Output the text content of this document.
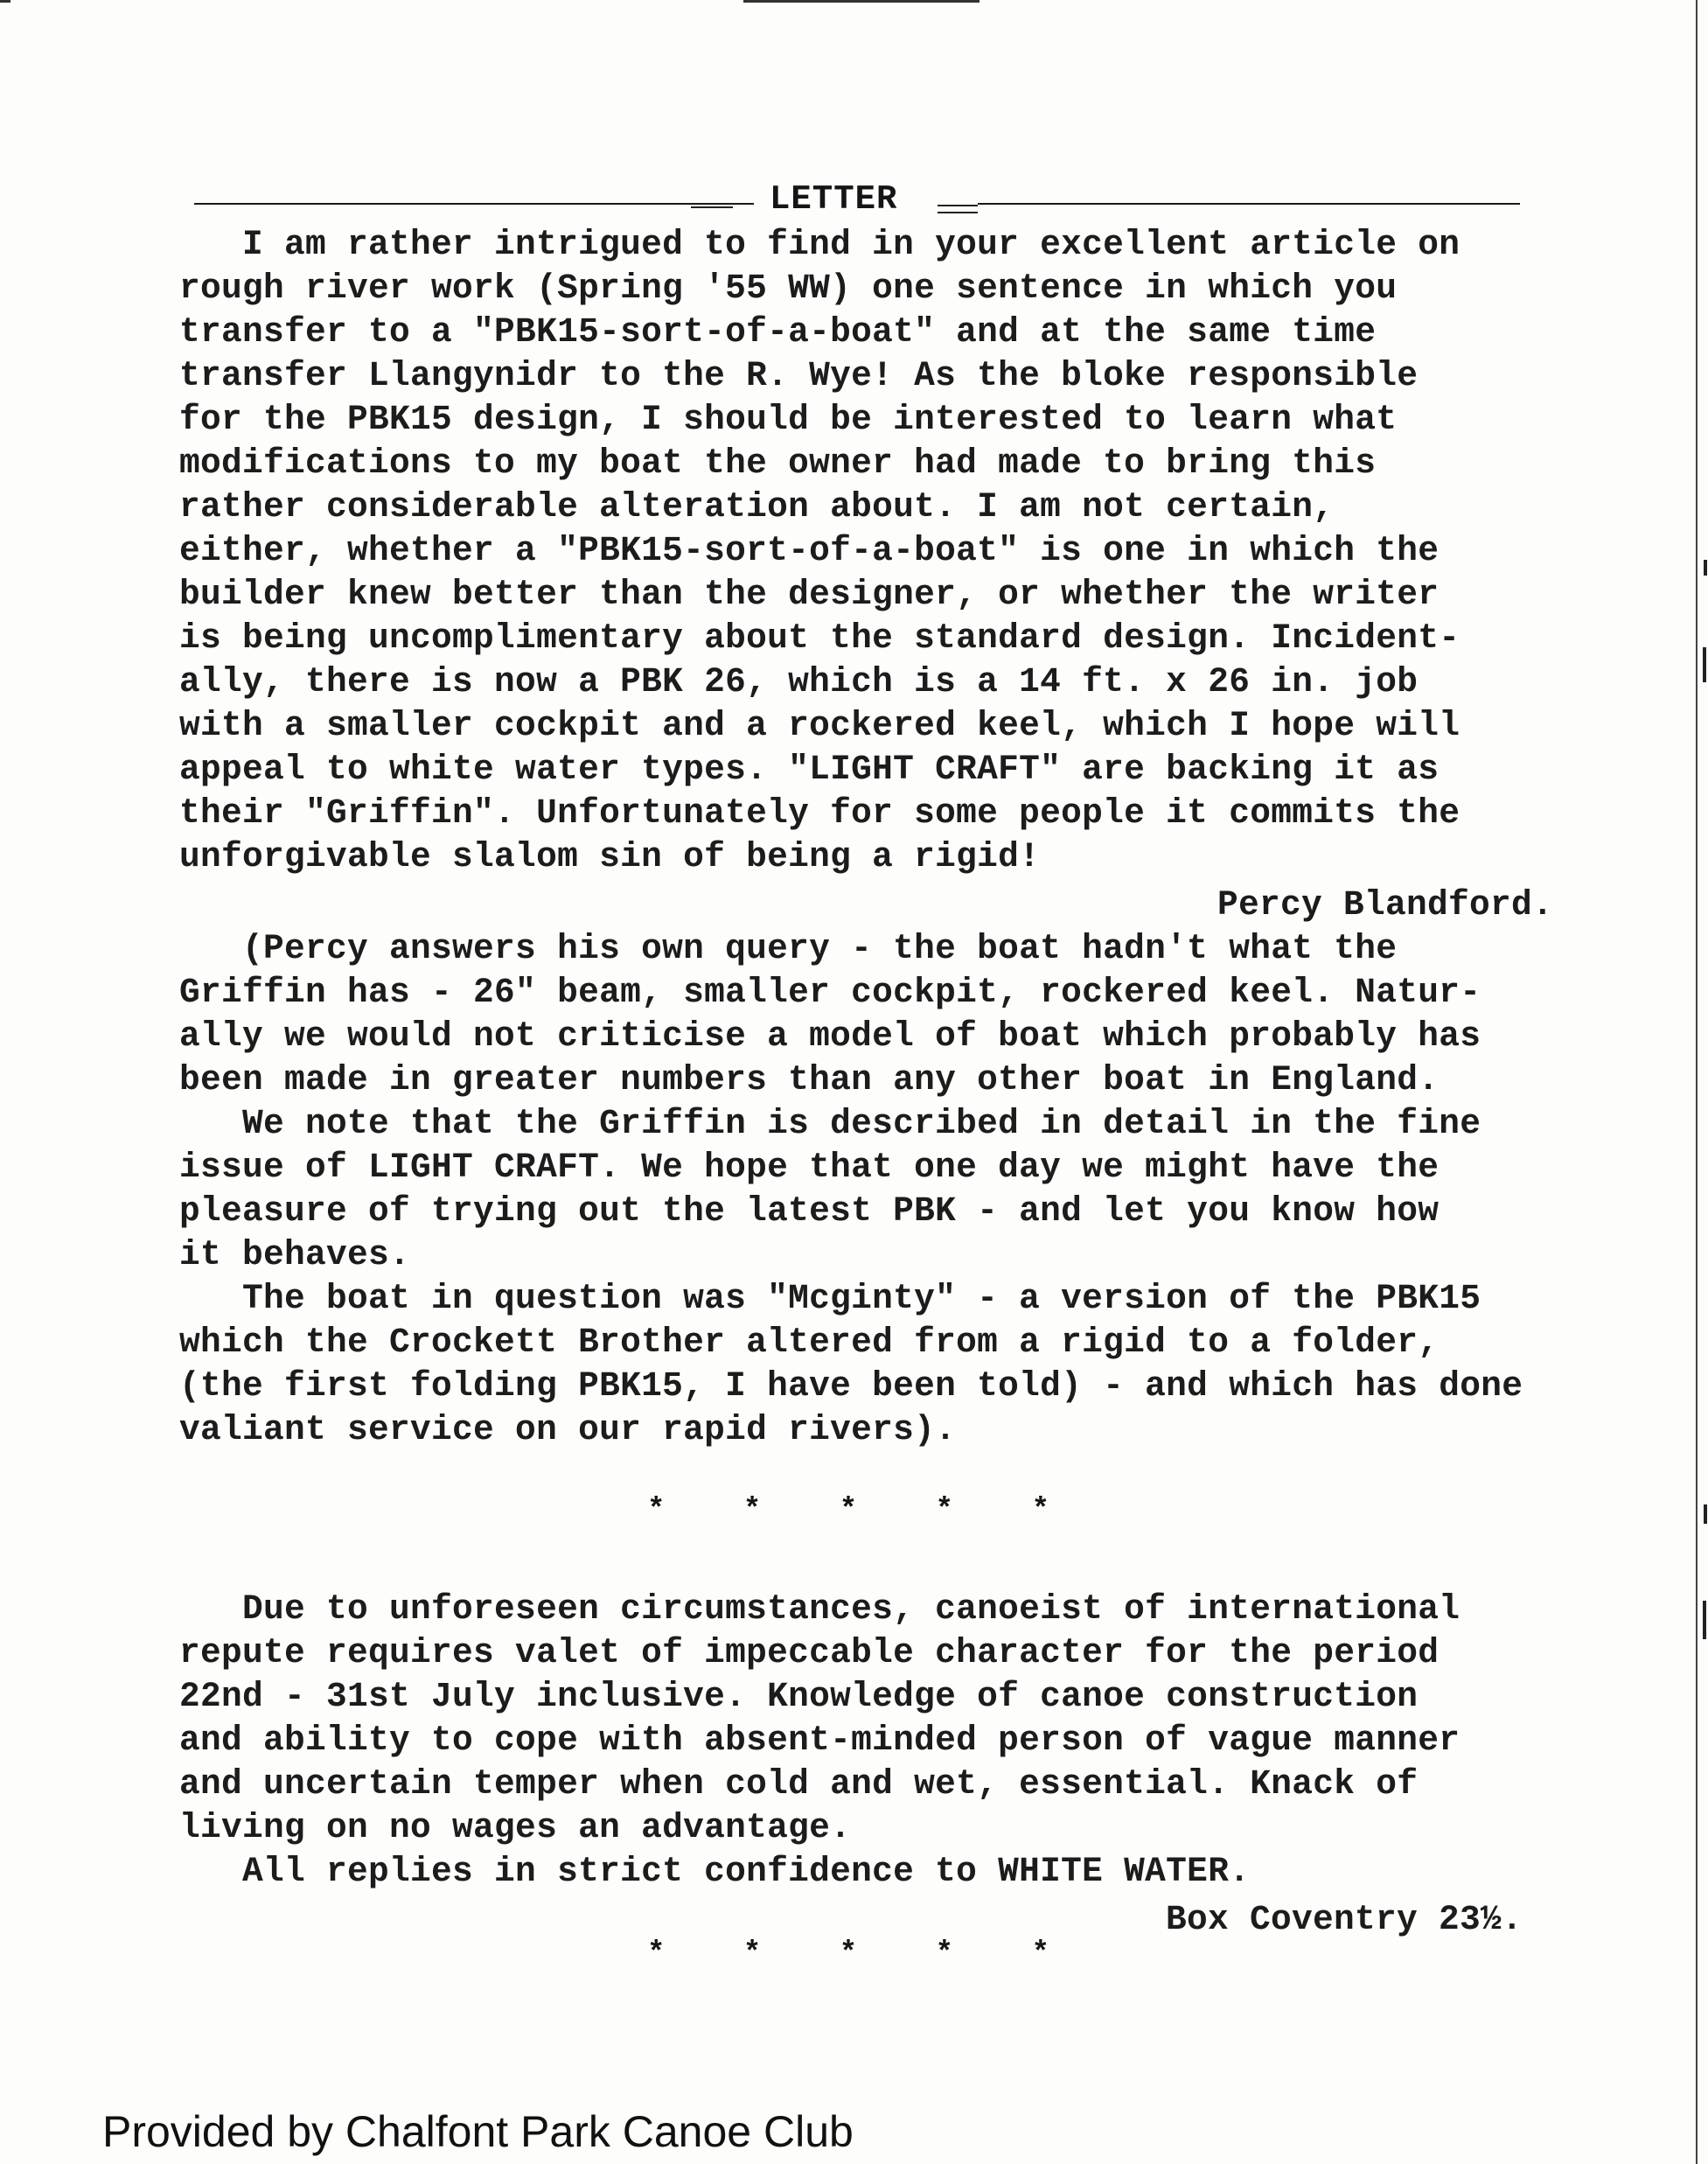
LETTER
I am rather intrigued to find in your excellent article on
rough river work (Spring '55 WW) one sentence in which you
transfer to a "PBK15-sort-of-a-boat" and at the same time
transfer Llangynidr to the R. Wye! As the bloke responsible
for the PBK15 design, I should be interested to learn what
modifications to my boat the owner had made to bring this
rather considerable alteration about. I am not certain,
either, whether a "PBK15-sort-of-a-boat" is one in which the
builder knew better than the designer, or whether the writer
is being uncomplimentary about the standard design. Incident-
ally, there is now a PBK 26, which is a 14 ft. x 26 in. job
with a smaller cockpit and a rockered keel, which I hope will
appeal to white water types. "LIGHT CRAFT" are backing it as
their "Griffin". Unfortunately for some people it commits the
unforgivable slalom sin of being a rigid!
Percy Blandford.
(Percy answers his own query - the boat hadn't what the
Griffin has - 26" beam, smaller cockpit, rockered keel. Natur-
ally we would not criticise a model of boat which probably has
been made in greater numbers than any other boat in England.
We note that the Griffin is described in detail in the fine
issue of LIGHT CRAFT. We hope that one day we might have the
pleasure of trying out the latest PBK - and let you know how
it behaves.
The boat in question was "Mcginty" - a version of the PBK15
which the Crockett Brother altered from a rigid to a folder,
(the first folding PBK15, I have been told) - and which has done
valiant service on our rapid rivers).
*	*	*	*	*
Due to unforeseen circumstances, canoeist of international
repute requires valet of impeccable character for the period
22nd - 31st July inclusive. Knowledge of canoe construction
and ability to cope with absent-minded person of vague manner
and uncertain temper when cold and wet, essential. Knack of
living on no wages an advantage.
All replies in strict confidence to WHITE WATER.
Box Coventry 23½.
*	*	*	*	*
Provided by Chalfont Park Canoe Club
